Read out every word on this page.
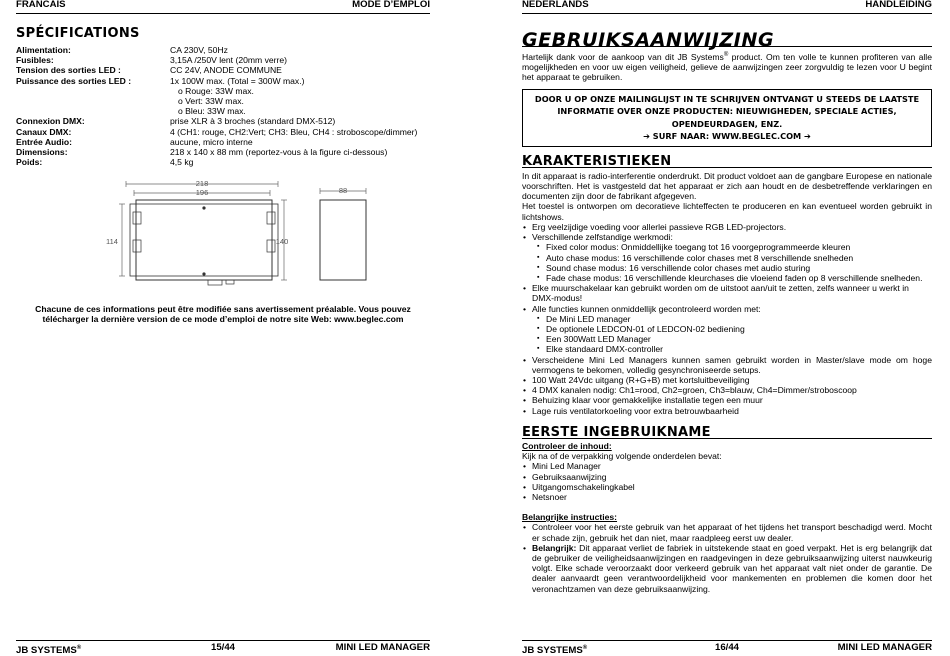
FRANCAIS	MODE D’EMPLOI
SPÉCIFICATIONS
Alimentation:	CA 230V, 50Hz
Fusibles:	3,15A /250V lent (20mm verre)
Tension des sorties LED :	CC 24V, ANODE COMMUNE
Puissance des sorties LED :	1x 100W max. (Total = 300W max.)
o Rouge: 33W max.
o Vert: 33W max.
o Bleu: 33W max.
Connexion DMX:	prise XLR à 3 broches (standard DMX-512)
Canaux DMX:	4 (CH1: rouge, CH2:Vert; CH3: Bleu, CH4 : stroboscope/dimmer)
Entrée Audio:	aucune, micro interne
Dimensions:	218 x 140 x 88 mm (reportez-vous à la figure ci-dessous)
Poids:	4,5 kg
218
196
114	140
88
Chacune de ces informations peut être modifiée sans avertissement préalable. Vous pouvez télécharger la dernière version de ce mode d’emploi de notre site Web: www.beglec.com
JB SYSTEMS®	15/44	MINI LED MANAGER
NEDERLANDS	HANDLEIDING
GEBRUIKSAANWIJZING
Hartelijk dank voor de aankoop van dit JB Systems® product. Om ten volle te kunnen profiteren van alle mogelijkheden en voor uw eigen veiligheid, gelieve de aanwijzingen zeer zorgvuldig te lezen voor U begint het apparaat te gebruiken.
DOOR U OP ONZE MAILINGLIJST IN TE SCHRIJVEN ONTVANGT U STEEDS DE LAATSTE INFORMATIE OVER ONZE PRODUCTEN: NIEUWIGHEDEN, SPECIALE ACTIES, OPENDEURDAGEN, ENZ.
➔ SURF NAAR: WWW.BEGLEC.COM ➔
KARAKTERISTIEKEN
In dit apparaat is radio-interferentie onderdrukt. Dit product voldoet aan de gangbare Europese en nationale voorschriften. Het is vastgesteld dat het apparaat er zich aan houdt en de desbetreffende verklaringen en documenten zijn door de fabrikant afgegeven.
Het toestel is ontworpen om decoratieve lichteffecten te produceren en kan eventueel worden gebruikt in lichtshows.
• Erg veelzijdige voeding voor allerlei passieve RGB LED-projectors.
• Verschillende zelfstandige werkmodi:
▪ Fixed color modus: Onmiddellijke toegang tot 16 voorgeprogrammeerde kleuren
▪ Auto chase modus: 16 verschillende color chases met 8 verschillende snelheden
▪ Sound chase modus: 16 verschillende color chases met audio sturing
▪ Fade chase modus: 16 verschillende kleurchases die vloeiend faden op 8 verschillende snelheden.
• Elke muurschakelaar kan gebruikt worden om de uitstoot aan/uit te zetten, zelfs wanneer u werkt in DMX-modus!
• Alle functies kunnen onmiddellijk gecontroleerd worden met:
▪ De Mini LED manager
▪ De optionele LEDCON-01 of LEDCON-02 bediening
▪ Een 300Watt LED Manager
▪ Elke standaard DMX-controller
• Verscheidene Mini Led Managers kunnen samen gebruikt worden in Master/slave mode om hoge vermogens te bekomen, volledig gesynchroniseerde setups.
• 100 Watt 24Vdc uitgang (R+G+B) met kortsluitbeveiliging
• 4 DMX kanalen nodig: Ch1=rood, Ch2=groen, Ch3=blauw, Ch4=Dimmer/stroboscoop
• Behuizing klaar voor gemakkelijke installatie tegen een muur
• Lage ruis ventilatorkoeling voor extra betrouwbaarheid
EERSTE INGEBRUIKNAME
Controleer de inhoud:
Kijk na of de verpakking volgende onderdelen bevat:
• Mini Led Manager
• Gebruiksaanwijzing
• Uitgangomschakelingkabel
• Netsnoer
Belangrijke instructies:
• Controleer voor het eerste gebruik van het apparaat of het tijdens het transport beschadigd werd. Mocht er schade zijn, gebruik het dan niet, maar raadpleeg eerst uw dealer.
• Belangrijk: Dit apparaat verliet de fabriek in uitstekende staat en goed verpakt. Het is erg belangrijk dat de gebruiker de veiligheidsaanwijzingen en raadgevingen in deze gebruiksaanwijzing uiterst nauwkeurig volgt. Elke schade veroorzaakt door verkeerd gebruik van het apparaat valt niet onder de garantie. De dealer aanvaardt geen verantwoordelijkheid voor mankementen en problemen die komen door het veronachtzamen van deze gebruiksaanwijzing.
JB SYSTEMS®	16/44	MINI LED MANAGER
